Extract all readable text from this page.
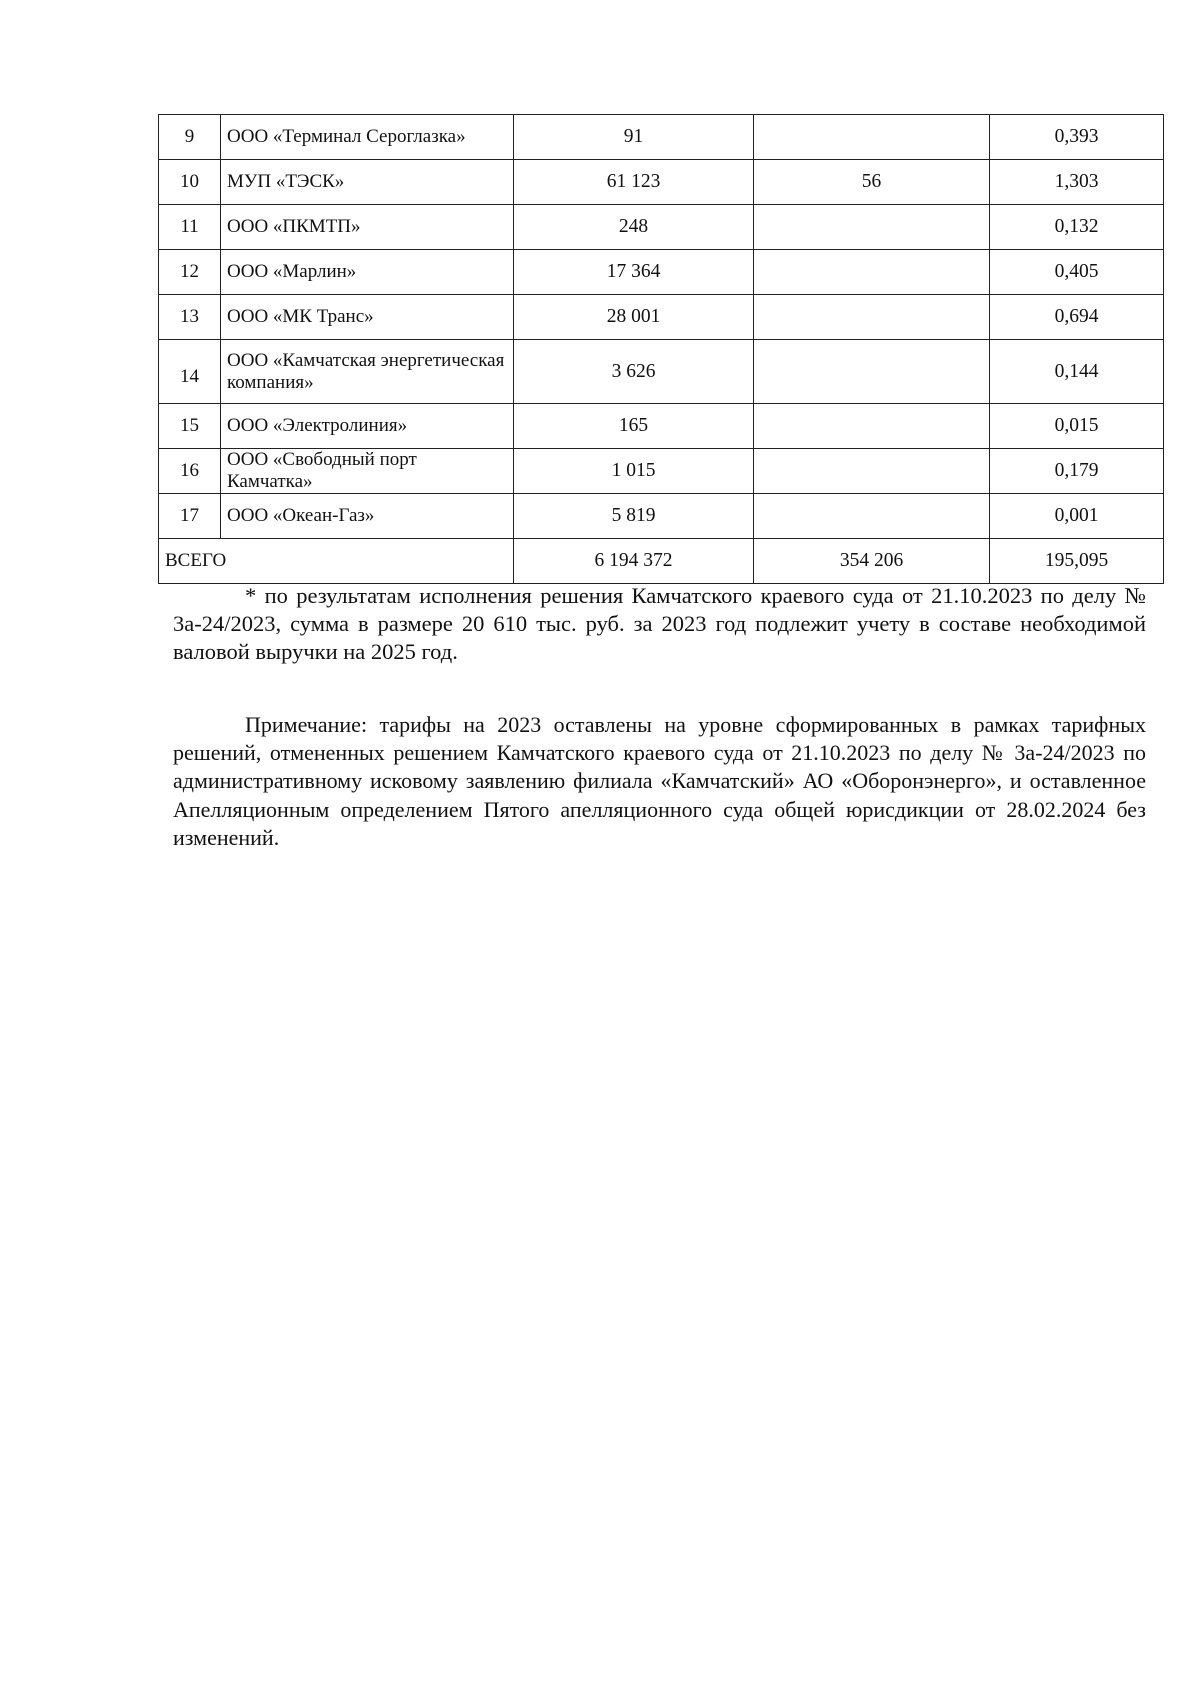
9	ООО «Терминал Сероглазка»	91		0,393
10	МУП «ТЭСК»	61 123	56	1,303
11	ООО «ПКМТП»	248		0,132
12	ООО «Марлин»	17 364		0,405
13	ООО «МК Транс»	28 001		0,694
14	ООО «Камчатская энергетическая компания»	3 626		0,144
15	ООО «Электролиния»	165		0,015
16	ООО «Свободный порт Камчатка»	1 015		0,179
17	ООО «Океан-Газ»	5 819		0,001
ВСЕГО		6 194 372	354 206	195,095

* по результатам исполнения решения Камчатского краевого суда от 21.10.2023 по делу № 3а-24/2023, сумма в размере 20 610 тыс. руб. за 2023 год подлежит учету в составе необходимой валовой выручки на 2025 год.

Примечание: тарифы на 2023 оставлены на уровне сформированных в рамках тарифных решений, отмененных решением Камчатского краевого суда от 21.10.2023 по делу № 3а-24/2023 по административному исковому заявлению филиала «Камчатский» АО «Оборонэнерго», и оставленное Апелляционным определением Пятого апелляционного суда общей юрисдикции от 28.02.2024 без изменений.
